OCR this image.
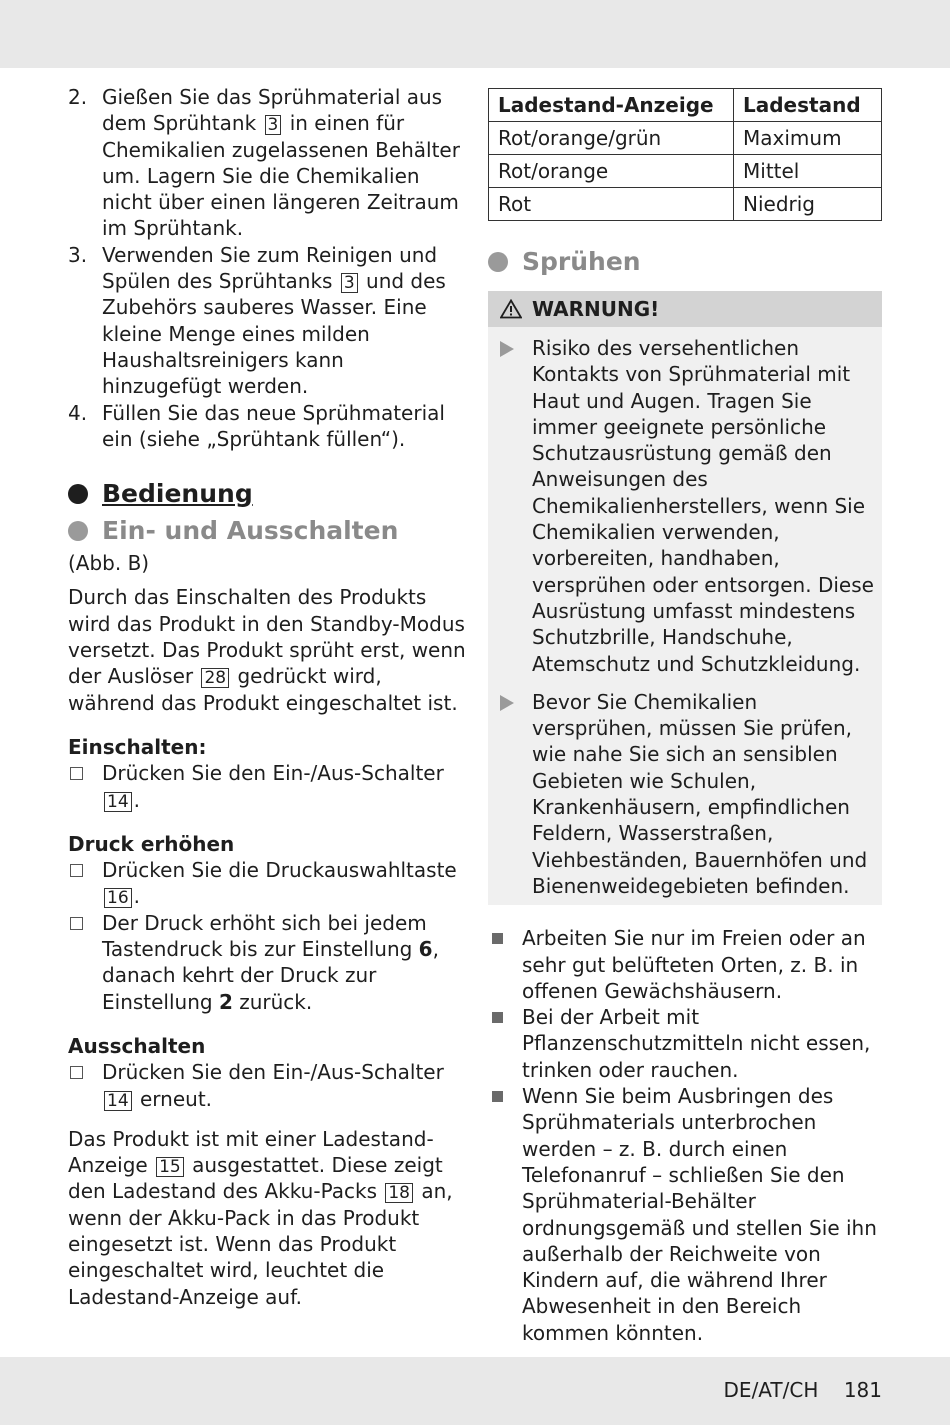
2. Gießen Sie das Sprühmaterial aus dem Sprühtank 3 in einen für Chemikalien zugelassenen Behälter um. Lagern Sie die Chemikalien nicht über einen längeren Zeitraum im Sprühtank.
3. Verwenden Sie zum Reinigen und Spülen des Sprühtanks 3 und des Zubehörs sauberes Wasser. Eine kleine Menge eines milden Haushaltsreinigers kann hinzugefügt werden.
4. Füllen Sie das neue Sprühmaterial ein (siehe „Sprühtank füllen“).
Bedienung
Ein- und Ausschalten

(Abb. B)

Durch das Einschalten des Produkts wird das Produkt in den Standby-Modus versetzt. Das Produkt sprüht erst, wenn der Auslöser 28 gedrückt wird, während das Produkt eingeschaltet ist.

Einschalten:
Drücken Sie den Ein-/Aus-Schalter 14 .
Druck erhöhen
Drücken Sie die Druckauswahltaste 16 .
Der Druck erhöht sich bei jedem Tastendruck bis zur Einstellung 6, danach kehrt der Druck zur Einstellung 2 zurück.
Ausschalten
Drücken Sie den Ein-/Aus-Schalter 14 erneut.

Das Produkt ist mit einer Ladestand-Anzeige 15 ausgestattet. Diese zeigt den Ladestand des Akku-Packs 18 an, wenn der Akku-Pack in das Produkt eingesetzt ist. Wenn das Produkt eingeschaltet wird, leuchtet die Ladestand-Anzeige auf.

Ladestand-Anzeige	Ladestand
Rot/orange/grün	Maximum
Rot/orange	Mittel
Rot	Niedrig
Sprühen
WARNUNG!
Risiko des versehentlichen Kontakts von Sprühmaterial mit Haut und Augen. Tragen Sie immer geeignete persönliche Schutzausrüstung gemäß den Anweisungen des Chemikalienherstellers, wenn Sie Chemikalien verwenden, vorbereiten, handhaben, versprühen oder entsorgen. Diese Ausrüstung umfasst mindestens Schutzbrille, Handschuhe, Atemschutz und Schutzkleidung.
Bevor Sie Chemikalien versprühen, müssen Sie prüfen, wie nahe Sie sich an sensiblen Gebieten wie Schulen, Krankenhäusern, empfindlichen Feldern, Wasserstraßen, Viehbeständen, Bauernhöfen und Bienenweidegebieten befinden.
Arbeiten Sie nur im Freien oder an sehr gut belüfteten Orten, z. B. in offenen Gewächshäusern.
Bei der Arbeit mit Pflanzenschutzmitteln nicht essen, trinken oder rauchen.
Wenn Sie beim Ausbringen des Sprühmaterials unterbrochen werden – z. B. durch einen Telefonanruf – schließen Sie den Sprühmaterial-Behälter ordnungsgemäß und stellen Sie ihn außerhalb der Reichweite von Kindern auf, die während Ihrer Abwesenheit in den Bereich kommen könnten.
DE/AT/CH    181
